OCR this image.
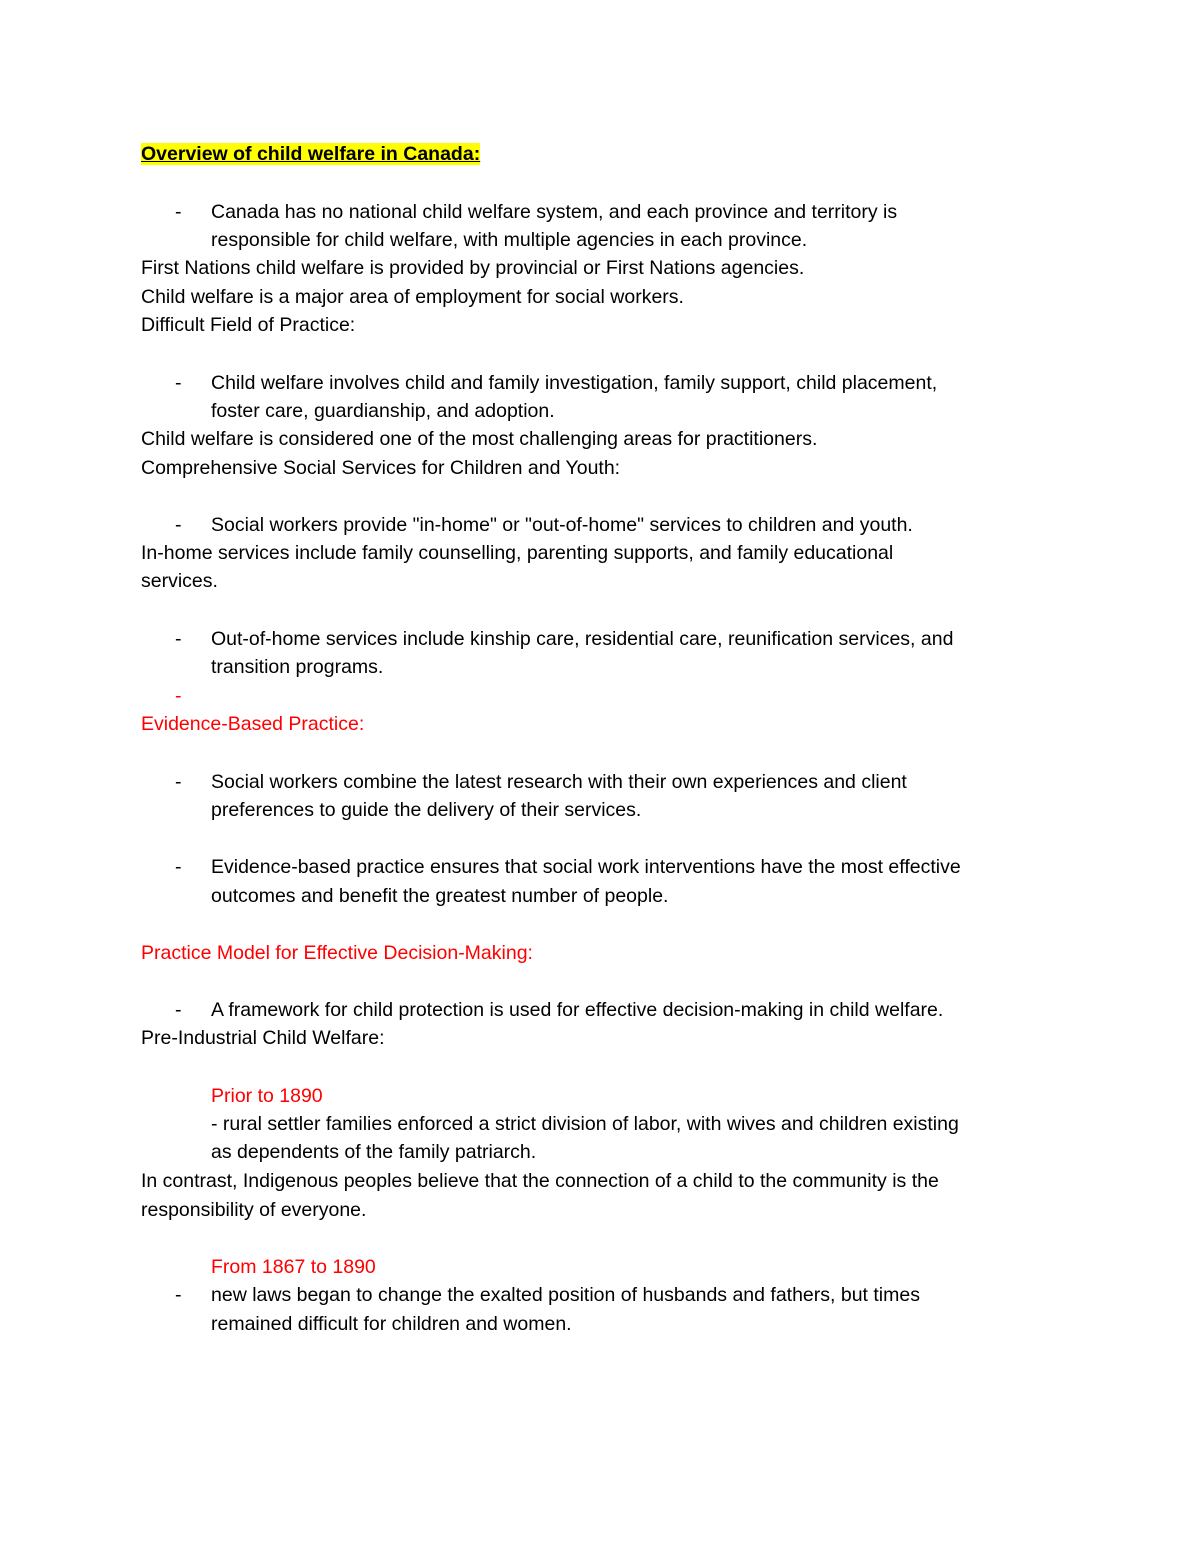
Overview of child welfare in Canada:
- Canada has no national child welfare system, and each province and territory is
responsible for child welfare, with multiple agencies in each province.
First Nations child welfare is provided by provincial or First Nations agencies.
Child welfare is a major area of employment for social workers.
Difficult Field of Practice:
- Child welfare involves child and family investigation, family support, child placement,
foster care, guardianship, and adoption.
Child welfare is considered one of the most challenging areas for practitioners.
Comprehensive Social Services for Children and Youth:
- Social workers provide "in-home" or "out-of-home" services to children and youth.
In-home services include family counselling, parenting supports, and family educational
services.
- Out-of-home services include kinship care, residential care, reunification services, and
transition programs.
-
Evidence-Based Practice:
- Social workers combine the latest research with their own experiences and client
preferences to guide the delivery of their services.
- Evidence-based practice ensures that social work interventions have the most effective
outcomes and benefit the greatest number of people.
Practice Model for Effective Decision-Making:
- A framework for child protection is used for effective decision-making in child welfare.
Pre-Industrial Child Welfare:
Prior to 1890
- rural settler families enforced a strict division of labor, with wives and children existing
as dependents of the family patriarch.
In contrast, Indigenous peoples believe that the connection of a child to the community is the
responsibility of everyone.
From 1867 to 1890
- new laws began to change the exalted position of husbands and fathers, but times
remained difficult for children and women.
